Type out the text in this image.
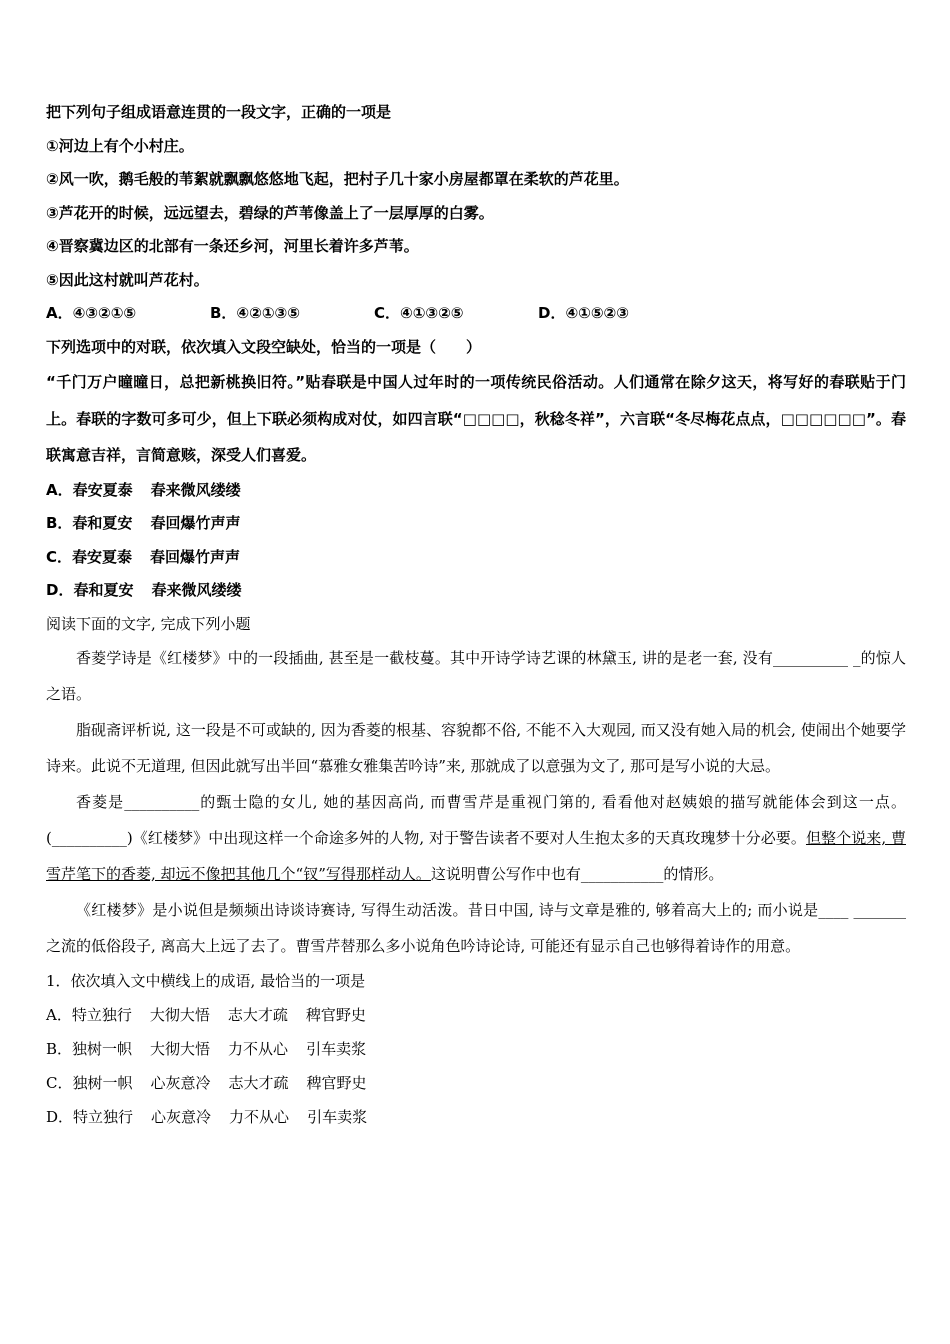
把下列句子组成语意连贯的一段文字，正确的一项是
①河边上有个小村庄。
②风一吹，鹅毛般的苇絮就飘飘悠悠地飞起，把村子几十家小房屋都罩在柔软的芦花里。
③芦花开的时候，远远望去，碧绿的芦苇像盖上了一层厚厚的白雾。
④晋察冀边区的北部有一条还乡河，河里长着许多芦苇。
⑤因此这村就叫芦花村。
A．④③②①⑤	B．④②①③⑤	C．④①③②⑤	D．④①⑤②③
下列选项中的对联，依次填入文段空缺处，恰当的一项是（　　）
“千门万户曈曈日，总把新桃换旧符。”贴春联是中国人过年时的一项传统民俗活动。人们通常在除夕这天，将写好的春联贴于门上。春联的字数可多可少，但上下联必须构成对仗，如四言联“□□□□，秋稔冬祥”，六言联“冬尽梅花点点，□□□□□□”。春联寓意吉祥，言简意赅，深受人们喜爱。
A．春安夏泰 春来微风缕缕
B．春和夏安 春回爆竹声声
C．春安夏泰 春回爆竹声声
D．春和夏安 春来微风缕缕
阅读下面的文字, 完成下列小题
香菱学诗是《红楼梦》中的一段插曲, 甚至是一截枝蔓。其中开诗学诗艺课的林黛玉, 讲的是老一套, 没有__________ _的惊人之语。
脂砚斋评析说, 这一段是不可或缺的, 因为香菱的根基、容貌都不俗, 不能不入大观园, 而又没有她入局的机会, 使闹出个她要学诗来。此说不无道理, 但因此就写出半回“慕雅女雅集苦吟诗”来, 那就成了以意强为文了, 那可是写小说的大忌。
香菱是__________的甄士隐的女儿, 她的基因高尚, 而曹雪芹是重视门第的, 看看他对赵姨娘的描写就能体会到这一点。(__________)《红楼梦》中出现这样一个命途多舛的人物, 对于警告读者不要对人生抱太多的天真玫瑰梦十分必要。但整个说来, 曹雪芹笔下的香菱, 却远不像把其他几个“钗”写得那样动人。这说明曹公写作中也有___________的情形。
《红楼梦》是小说但是频频出诗谈诗赛诗, 写得生动活泼。昔日中国, 诗与文章是雅的, 够着高大上的; 而小说是____ _______之流的低俗段子, 离高大上远了去了。曹雪芹替那么多小说角色吟诗论诗, 可能还有显示自己也够得着诗作的用意。
1．依次填入文中横线上的成语, 最恰当的一项是
A．特立独行 大彻大悟 志大才疏 稗官野史
B．独树一帜 大彻大悟 力不从心 引车卖浆
C．独树一帜 心灰意冷 志大才疏 稗官野史
D．特立独行 心灰意冷 力不从心 引车卖浆
